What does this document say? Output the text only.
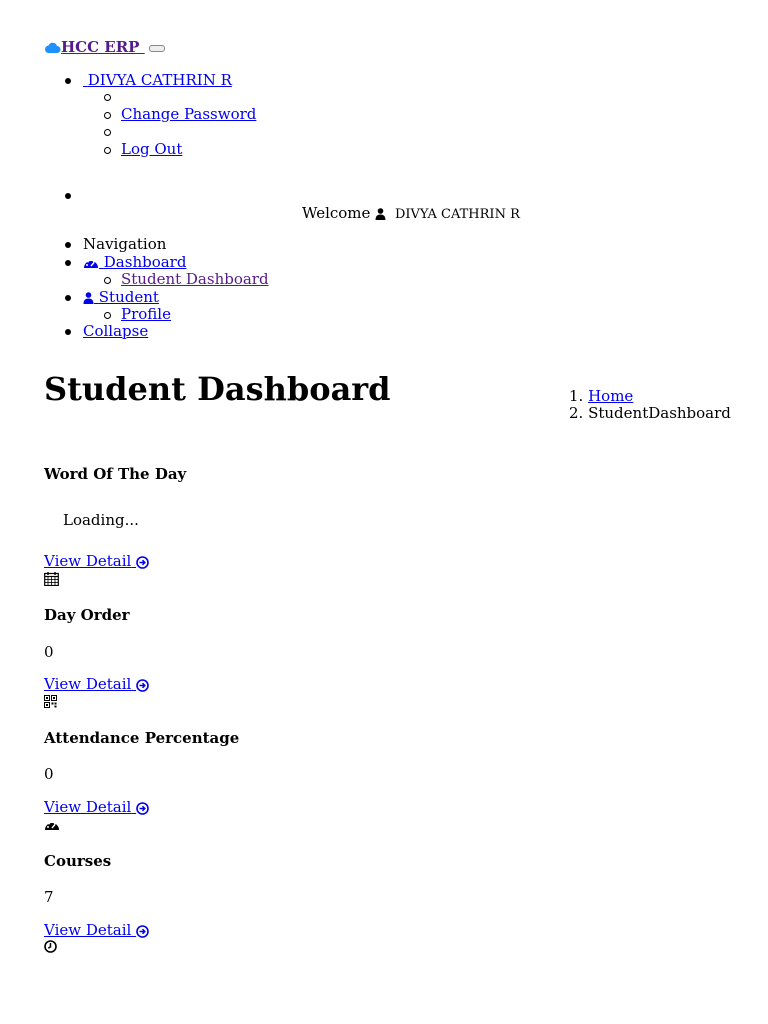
HCC ERP
DIVYA CATHRIN R
Change Password
Log Out
Welcome DIVYA CATHRIN R
Navigation
Dashboard
Student Dashboard
Student
Profile
Collapse
Student Dashboard	1. Home
2. StudentDashboard
Word Of The Day
Loading...
View Detail
Day Order
0
View Detail
Attendance Percentage
0
View Detail
Courses
7
View Detail
